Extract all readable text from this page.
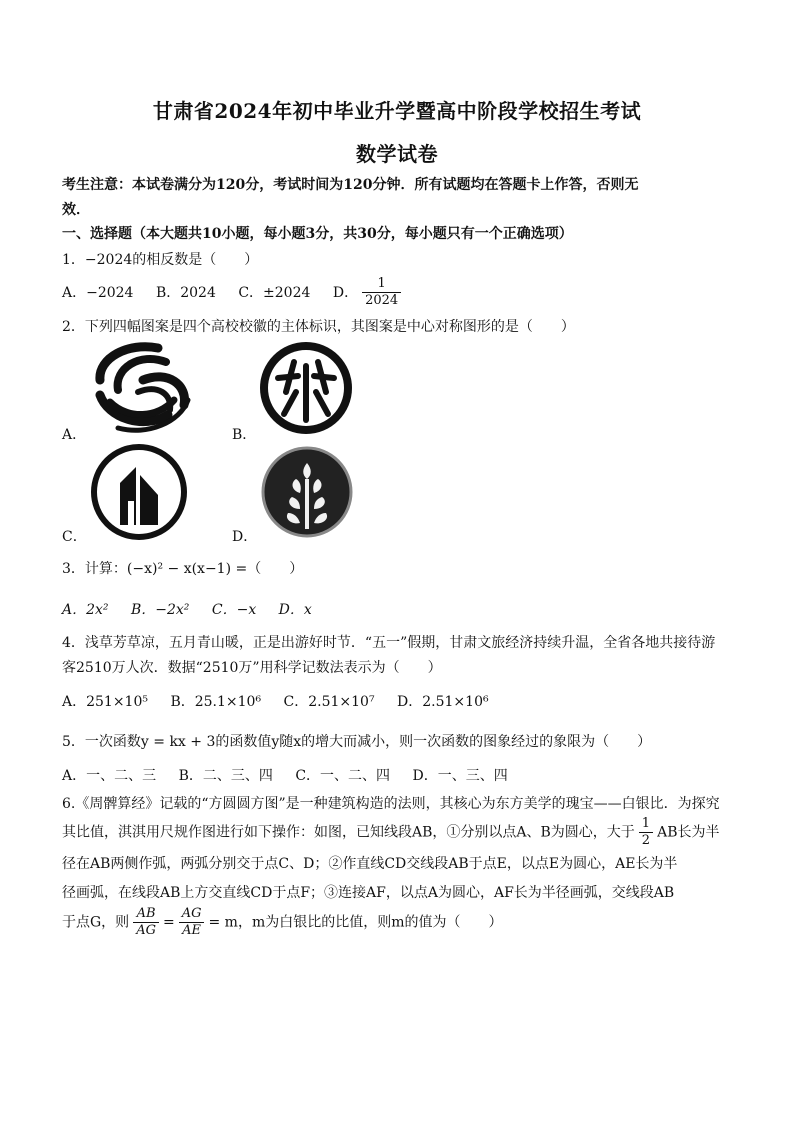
甘肃省2024年初中毕业升学暨高中阶段学校招生考试
数学试卷
考生注意：本试卷满分为120分，考试时间为120分钟．所有试题均在答题卡上作答，否则无
效．
一、选择题（本大题共10小题，每小题3分，共30分，每小题只有一个正确选项）
1．−2024的相反数是（　　）
A．−2024 B．2024 C．±2024 D． $\frac{1}{2024}$
2．下列四幅图案是四个高校校徽的主体标识，其图案是中心对称图形的是（　　）
A．	B．
C．	D．
3．计算：(−x)² − x(x−1) =（　　）
A．2x² B．−2x² C．−x D．x
4．浅草芳草凉，五月青山暖，正是出游好时节．“五一”假期，甘肃文旅经济持续升温，全省各地共接待游
客2510万人次．数据“2510万”用科学记数法表示为（　　）
A．251×10⁵ B．25.1×10⁶ C．2.51×10⁷ D．2.51×10⁶
5．一次函数y = kx + 3的函数值y随x的增大而减小，则一次函数的图象经过的象限为（　　）
A．一、二、三 B．二、三、四 C．一、二、四 D．一、三、四
6.《周髀算经》记载的“方圆圆方图”是一种建筑构造的法则，其核心为东方美学的瑰宝——白银比．为探究
其比值，淇淇用尺规作图进行如下操作：如图，已知线段AB，①分别以点A、B为圆心，大于 $\frac{1}{2}$ AB长为半
径在AB两侧作弧，两弧分别交于点C、D；②作直线CD交线段AB于点E，以点E为圆心，AE长为半
径画弧，在线段AB上方交直线CD于点F；③连接AF，以点A为圆心，AF长为半径画弧，交线段AB
于点G，则 $\frac{AB}{AG} = \frac{AG}{AE} = m$，m为白银比的比值，则m的值为（　　）
